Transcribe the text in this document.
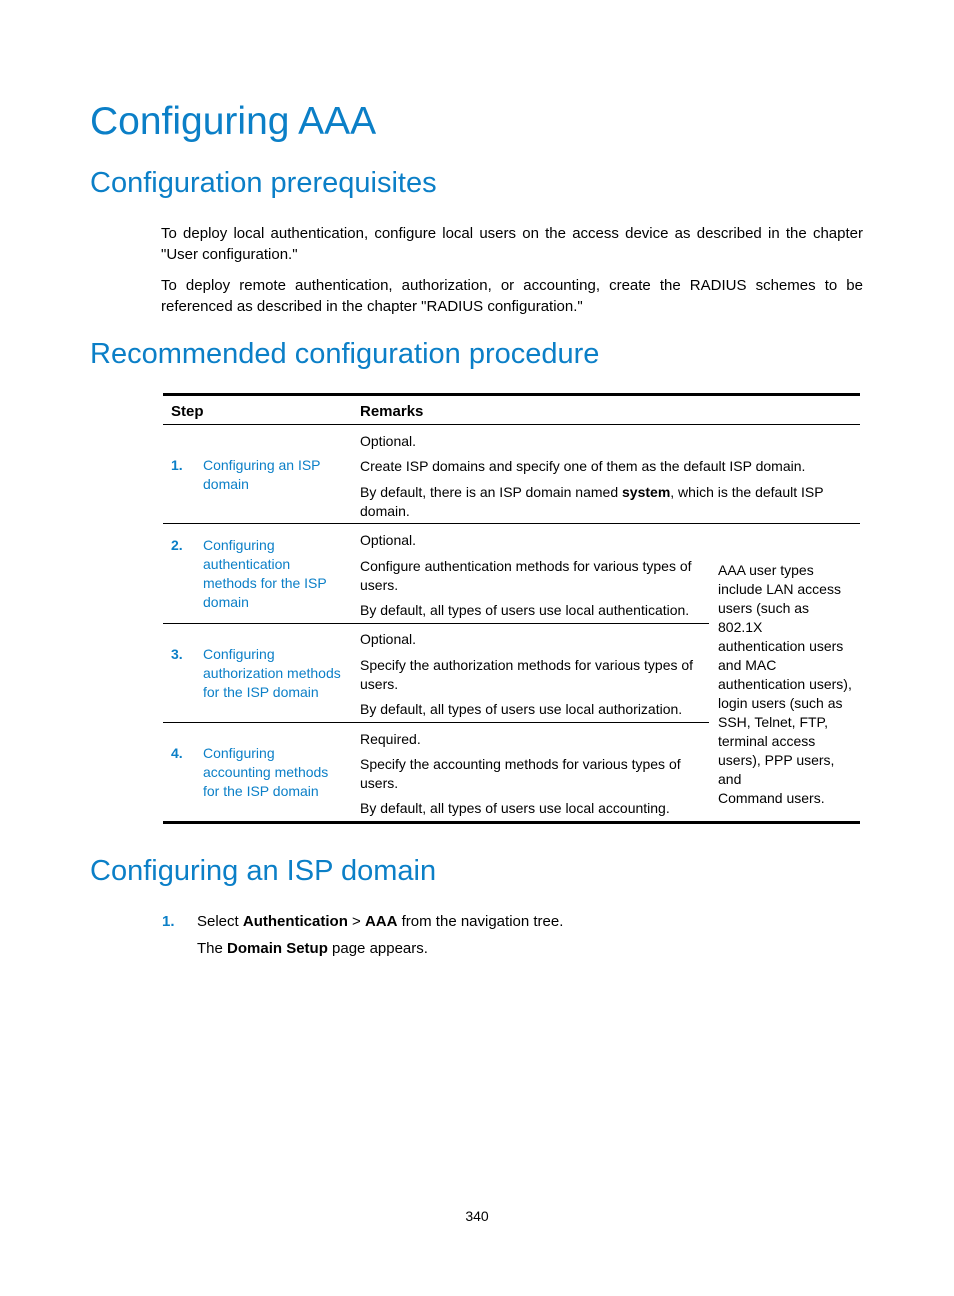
Configuring AAA
Configuration prerequisites

To deploy local authentication, configure local users on the access device as described in the chapter "User configuration."

To deploy remote authentication, authorization, or accounting, create the RADIUS schemes to be referenced as described in the chapter "RADIUS configuration."

Recommended configuration procedure
Step	Remarks
1. Configuring an ISP
domain
Optional.
Create ISP domains and specify one of them as the default ISP domain.
By default, there is an ISP domain named system, which is the default ISP
domain.
2. Configuring
authentication
methods for the ISP
domain
Optional.
Configure authentication methods for various types of
users.
By default, all types of users use local authentication.
3. Configuring
authorization methods
for the ISP domain
Optional.
Specify the authorization methods for various types of
users.
By default, all types of users use local authorization.
4. Configuring
accounting methods
for the ISP domain
Required.
Specify the accounting methods for various types of
users.
By default, all types of users use local accounting.
AAA user types
include LAN access
users (such as
802.1X
authentication users
and MAC
authentication users),
login users (such as
SSH, Telnet, FTP,
terminal access
users), PPP users, and
Command users.
Configuring an ISP domain
1. Select Authentication > AAA from the navigation tree.
The Domain Setup page appears.
340
